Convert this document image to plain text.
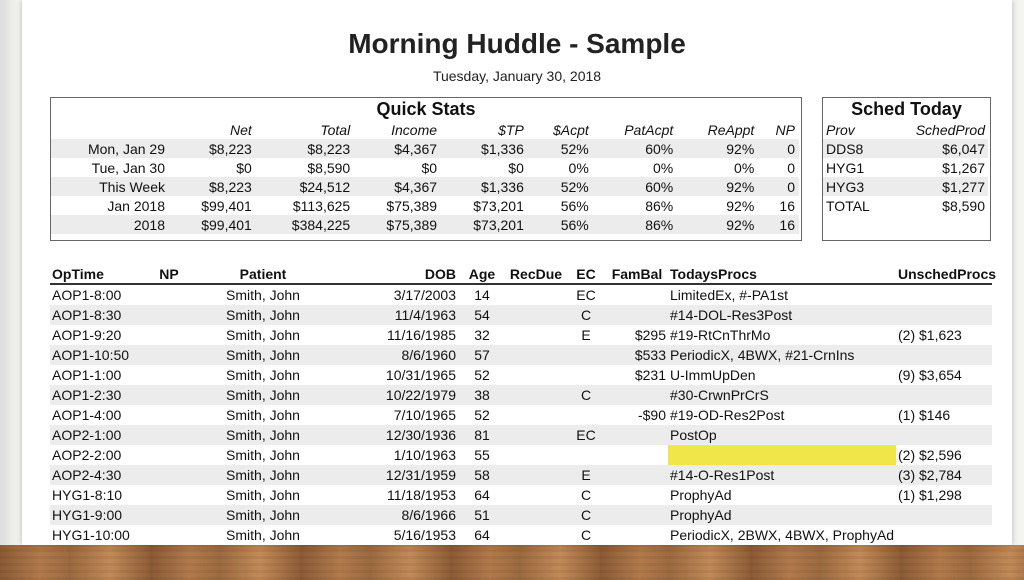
Morning Huddle - Sample
Tuesday, January 30, 2018
Quick Stats
	Net	Total	Income	$TP	$Acpt	PatAcpt	ReAppt	NP
Mon, Jan 29	$8,223	$8,223	$4,367	$1,336	52%	60%	92%	0
Tue, Jan 30	$0	$8,590	$0	$0	0%	0%	0%	0
This Week	$8,223	$24,512	$4,367	$1,336	52%	60%	92%	0
Jan 2018	$99,401	$113,625	$75,389	$73,201	56%	86%	92%	16
2018	$99,401	$384,225	$75,389	$73,201	56%	86%	92%	16
Sched Today
Prov	SchedProd
DDS8	$6,047
HYG1	$1,267
HYG3	$1,277
TOTAL	$8,590
OpTime	NP	Patient	DOB	Age	RecDue	EC	FamBal	TodaysProcs	UnschedProcs
AOP1-8:00		Smith, John	3/17/2003	14		EC		LimitedEx, #-PA1st	
AOP1-8:30		Smith, John	11/4/1963	54		C		#14-DOL-Res3Post	
AOP1-9:20		Smith, John	11/16/1985	32		E	$295	#19-RtCnThrMo	(2) $1,623
AOP1-10:50		Smith, John	8/6/1960	57			$533	PeriodicX, 4BWX, #21-CrnIns	
AOP1-1:00		Smith, John	10/31/1965	52			$231	U-ImmUpDen	(9) $3,654
AOP1-2:30		Smith, John	10/22/1979	38		C		#30-CrwnPrCrS	
AOP1-4:00		Smith, John	7/10/1965	52			-$90	#19-OD-Res2Post	(1) $146
AOP2-1:00		Smith, John	12/30/1936	81		EC		PostOp	
AOP2-2:00		Smith, John	1/10/1963	55					(2) $2,596
AOP2-4:30		Smith, John	12/31/1959	58		E		#14-O-Res1Post	(3) $2,784
HYG1-8:10		Smith, John	11/18/1953	64		C		ProphyAd	(1) $1,298
HYG1-9:00		Smith, John	8/6/1966	51		C		ProphyAd	
HYG1-10:00		Smith, John	5/16/1953	64		C		PeriodicX, 2BWX, 4BWX, ProphyAd	
